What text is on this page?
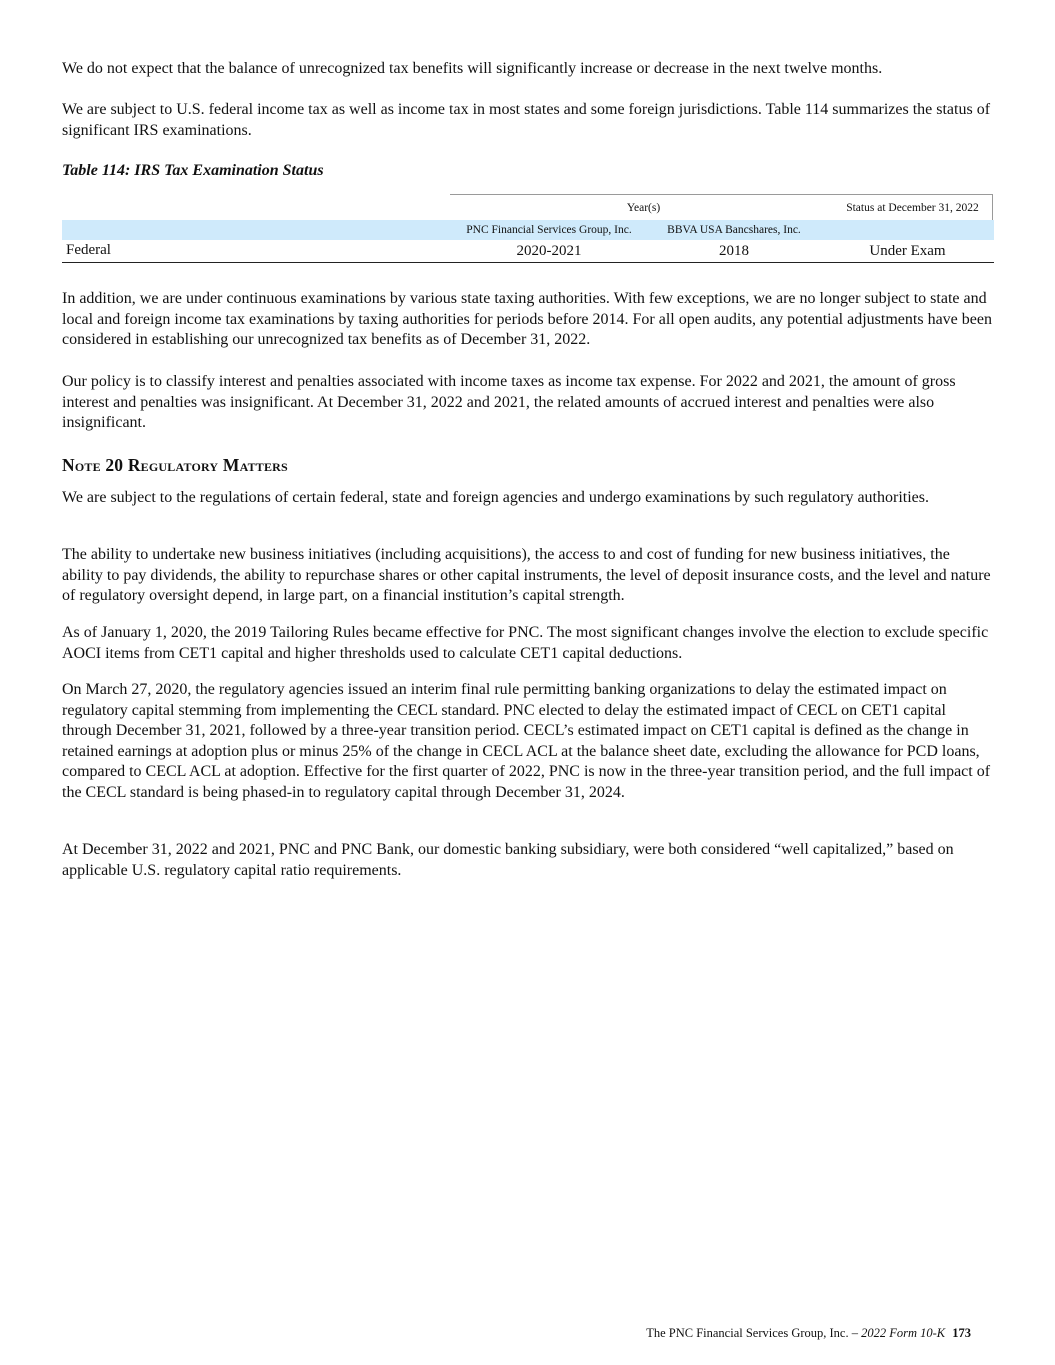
We do not expect that the balance of unrecognized tax benefits will significantly increase or decrease in the next twelve months.

We are subject to U.S. federal income tax as well as income tax in most states and some foreign jurisdictions. Table 114 summarizes the status of significant IRS examinations.

Table 114: IRS Tax Examination Status

Year(s)	Status at December 31, 2022
PNC Financial Services Group, Inc.	BBVA USA Bancshares, Inc.
Federal	2020-2021	2018	Under Exam

In addition, we are under continuous examinations by various state taxing authorities. With few exceptions, we are no longer subject to state and local and foreign income tax examinations by taxing authorities for periods before 2014. For all open audits, any potential adjustments have been considered in establishing our unrecognized tax benefits as of December 31, 2022.

Our policy is to classify interest and penalties associated with income taxes as income tax expense. For 2022 and 2021, the amount of gross interest and penalties was insignificant. At December 31, 2022 and 2021, the related amounts of accrued interest and penalties were also insignificant.

Note 20 Regulatory Matters

We are subject to the regulations of certain federal, state and foreign agencies and undergo examinations by such regulatory authorities.

The ability to undertake new business initiatives (including acquisitions), the access to and cost of funding for new business initiatives, the ability to pay dividends, the ability to repurchase shares or other capital instruments, the level of deposit insurance costs, and the level and nature of regulatory oversight depend, in large part, on a financial institution’s capital strength.

As of January 1, 2020, the 2019 Tailoring Rules became effective for PNC. The most significant changes involve the election to exclude specific AOCI items from CET1 capital and higher thresholds used to calculate CET1 capital deductions.

On March 27, 2020, the regulatory agencies issued an interim final rule permitting banking organizations to delay the estimated impact on regulatory capital stemming from implementing the CECL standard. PNC elected to delay the estimated impact of CECL on CET1 capital through December 31, 2021, followed by a three-year transition period. CECL’s estimated impact on CET1 capital is defined as the change in retained earnings at adoption plus or minus 25% of the change in CECL ACL at the balance sheet date, excluding the allowance for PCD loans, compared to CECL ACL at adoption. Effective for the first quarter of 2022, PNC is now in the three-year transition period, and the full impact of the CECL standard is being phased-in to regulatory capital through December 31, 2024.

At December 31, 2022 and 2021, PNC and PNC Bank, our domestic banking subsidiary, were both considered “well capitalized,” based on applicable U.S. regulatory capital ratio requirements.

The PNC Financial Services Group, Inc. – 2022 Form 10-K 173
